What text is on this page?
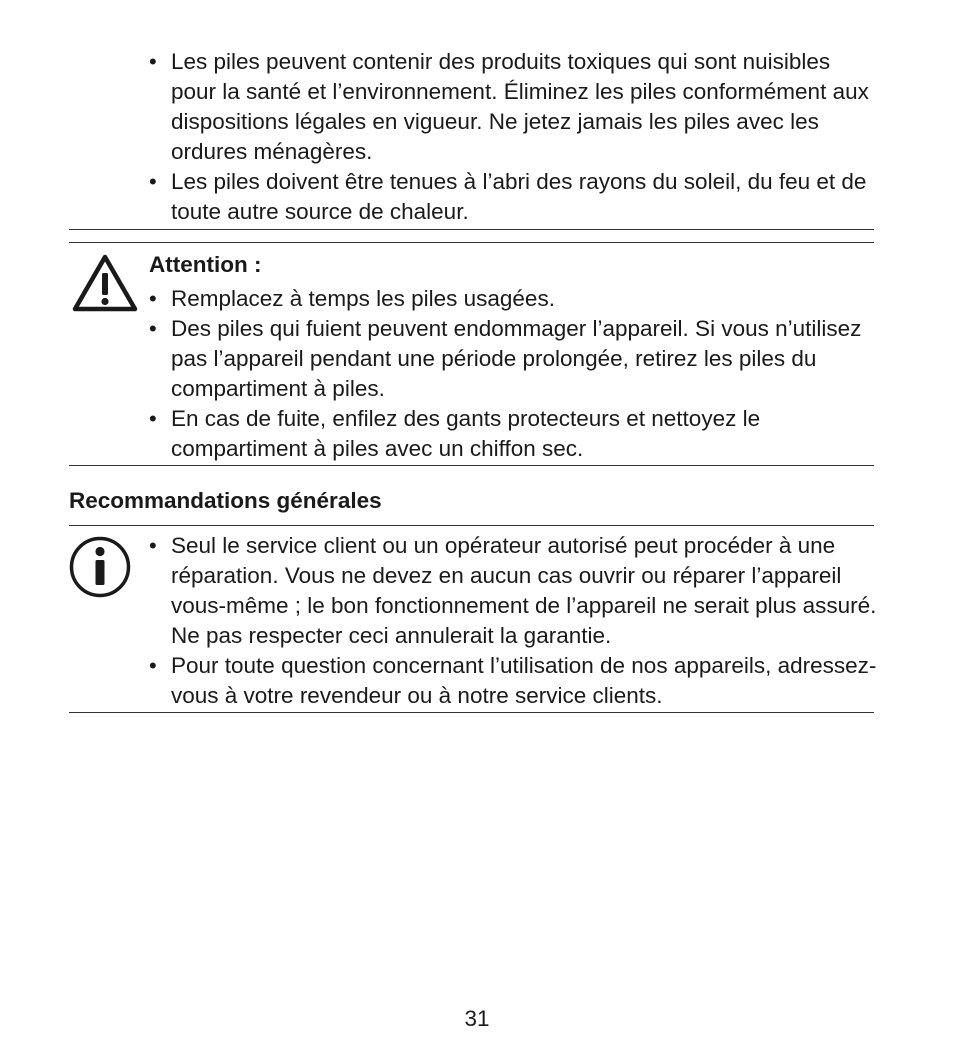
• Les piles peuvent contenir des produits toxiques qui sont nuisibles pour la santé et l’environnement. Éliminez les piles conformément aux dispositions légales en vigueur. Ne jetez jamais les piles avec les ordures ménagères.
• Les piles doivent être tenues à l’abri des rayons du soleil, du feu et de toute autre source de chaleur.

Attention :

• Remplacez à temps les piles usagées.
• Des piles qui fuient peuvent endommager l’appareil. Si vous n’utilisez pas l’appareil pendant une période prolongée, retirez les piles du compartiment à piles.
• En cas de fuite, enfilez des gants protecteurs et nettoyez le compartiment à piles avec un chiffon sec.

Recommandations générales

• Seul le service client ou un opérateur autorisé peut procéder à une réparation. Vous ne devez en aucun cas ouvrir ou réparer l’appareil vous-même ; le bon fonctionnement de l’appareil ne serait plus assuré. Ne pas respecter ceci annulerait la garantie.
• Pour toute question concernant l’utilisation de nos appareils, adressez-vous à votre revendeur ou à notre service clients.
31
